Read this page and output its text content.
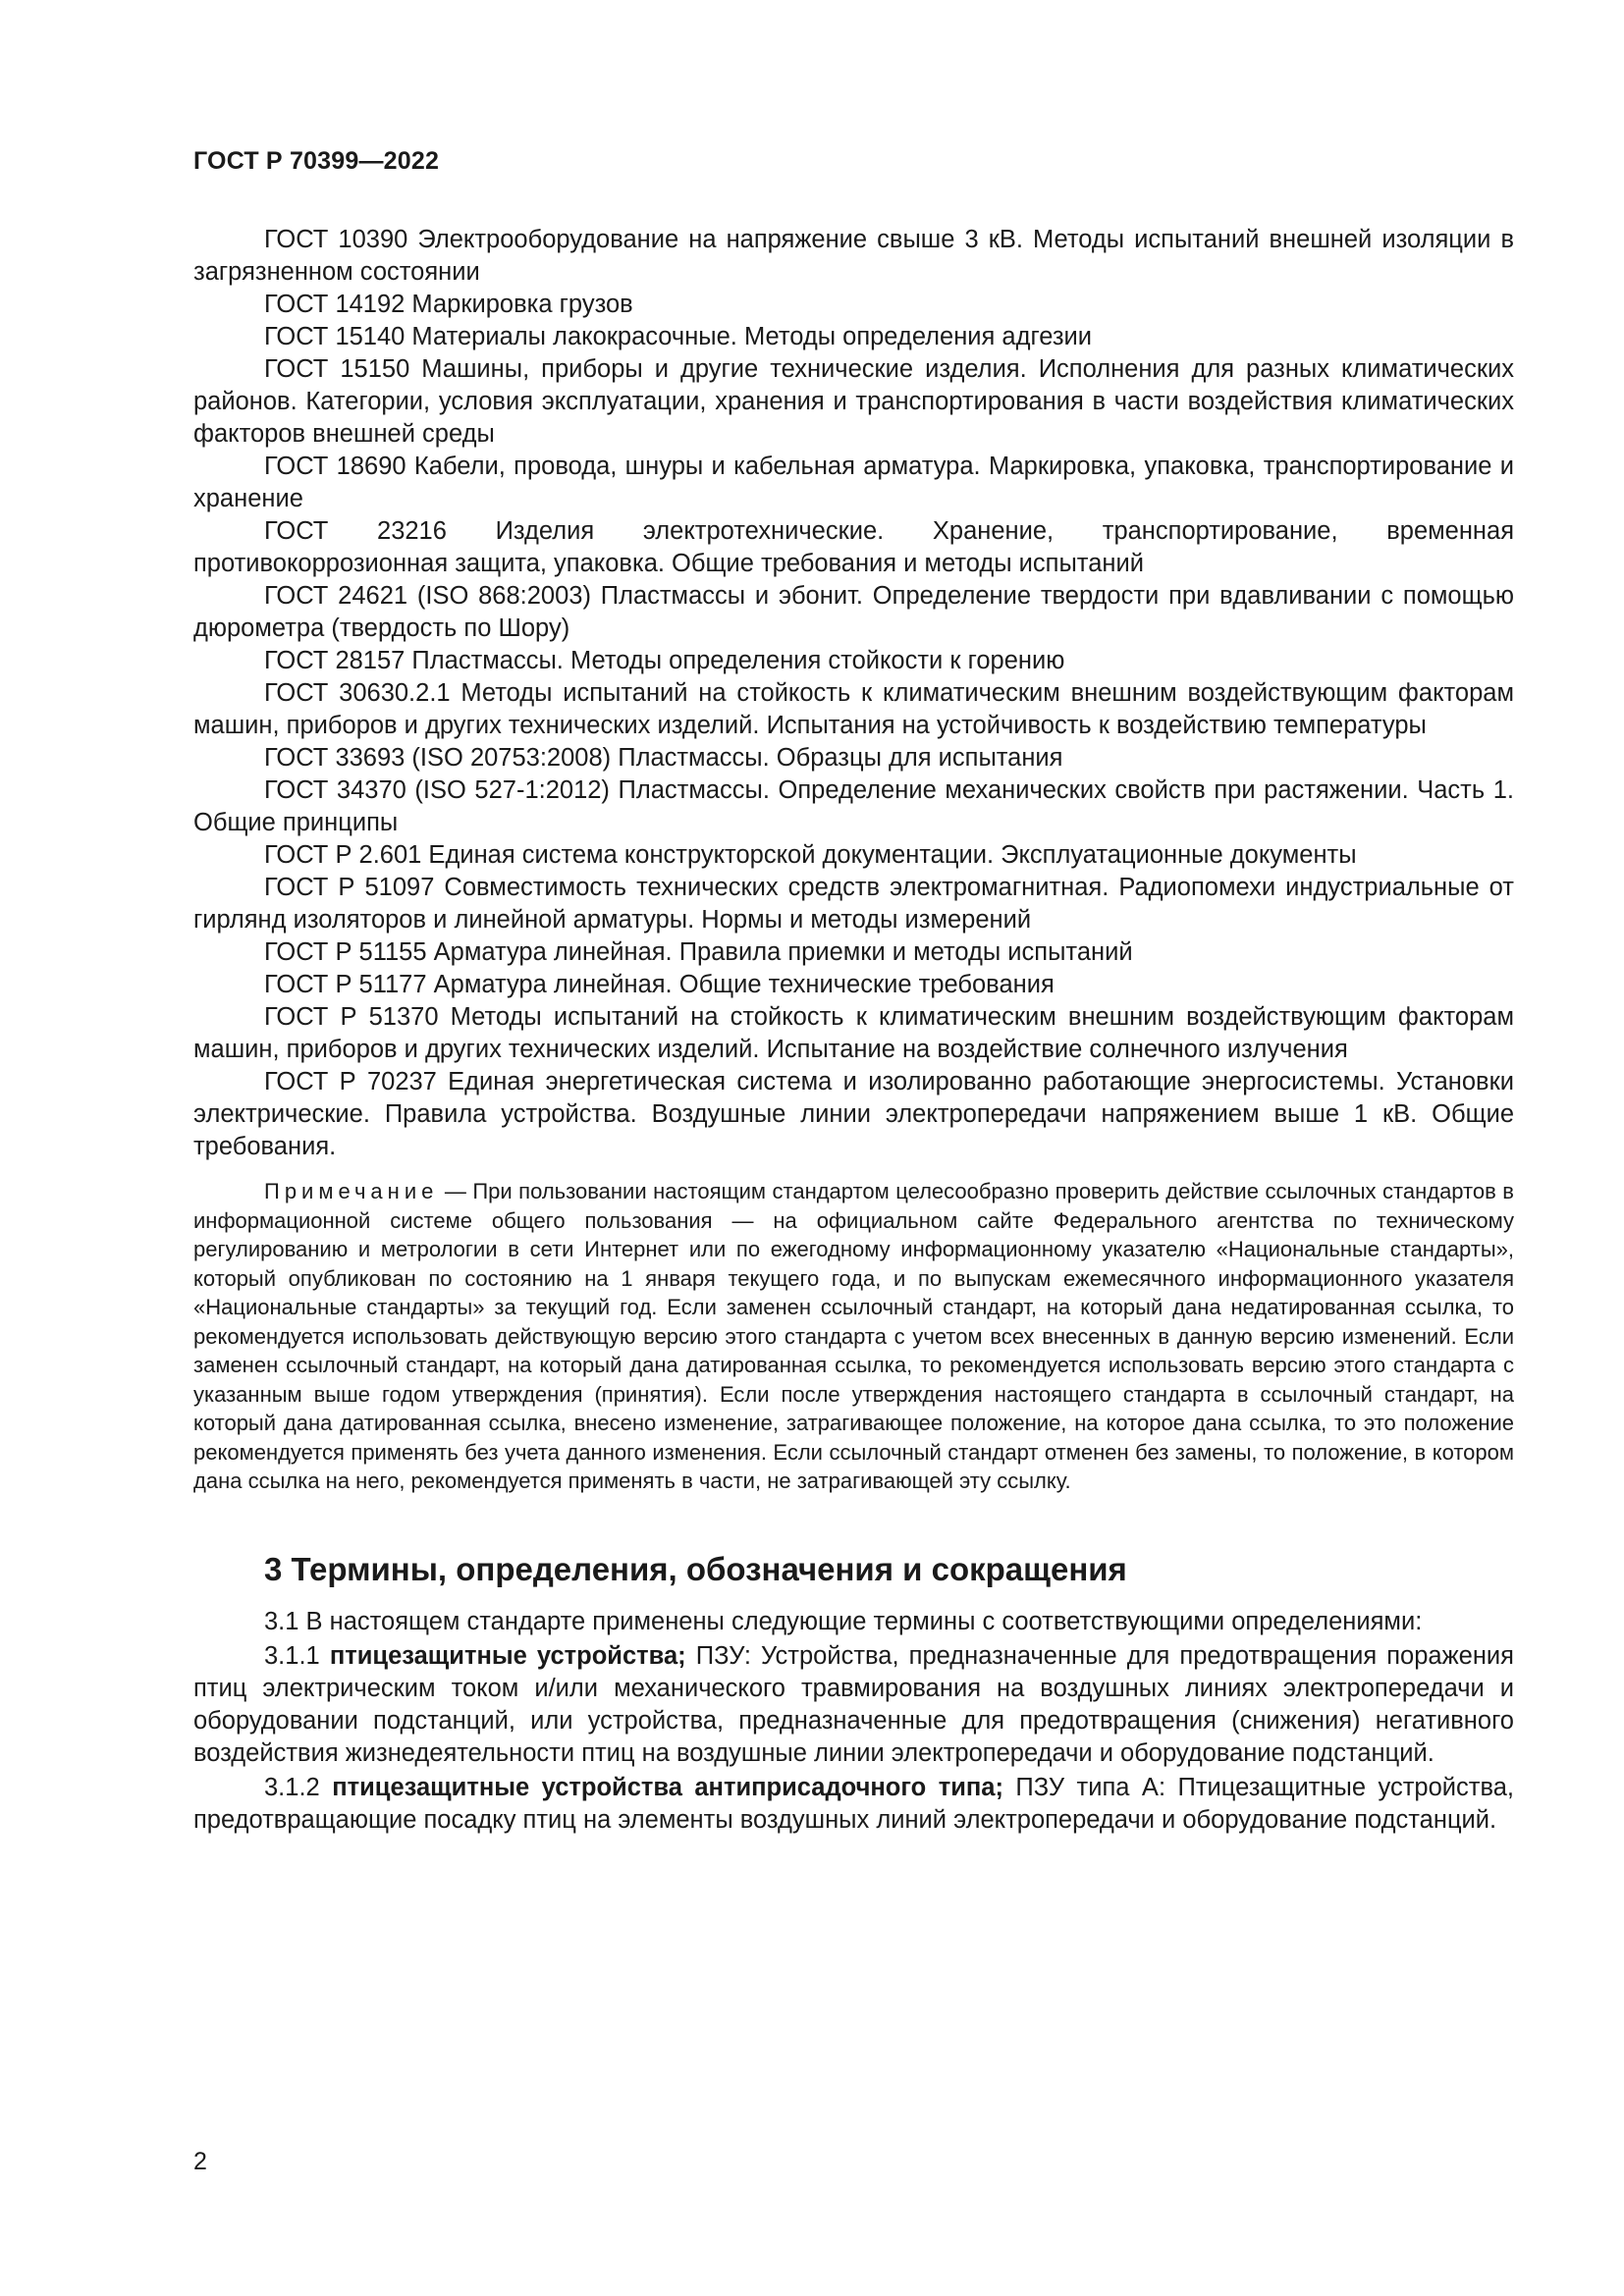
ГОСТ Р 70399—2022

ГОСТ 10390 Электрооборудование на напряжение свыше 3 кВ. Методы испытаний внешней изоляции в загрязненном состоянии

ГОСТ 14192 Маркировка грузов

ГОСТ 15140 Материалы лакокрасочные. Методы определения адгезии

ГОСТ 15150 Машины, приборы и другие технические изделия. Исполнения для разных климатических районов. Категории, условия эксплуатации, хранения и транспортирования в части воздействия климатических факторов внешней среды

ГОСТ 18690 Кабели, провода, шнуры и кабельная арматура. Маркировка, упаковка, транспортирование и хранение

ГОСТ 23216 Изделия электротехнические. Хранение, транспортирование, временная противокоррозионная защита, упаковка. Общие требования и методы испытаний

ГОСТ 24621 (ISO 868:2003) Пластмассы и эбонит. Определение твердости при вдавливании с помощью дюрометра (твердость по Шору)

ГОСТ 28157 Пластмассы. Методы определения стойкости к горению

ГОСТ 30630.2.1 Методы испытаний на стойкость к климатическим внешним воздействующим факторам машин, приборов и других технических изделий. Испытания на устойчивость к воздействию температуры

ГОСТ 33693 (ISO 20753:2008) Пластмассы. Образцы для испытания

ГОСТ 34370 (ISO 527-1:2012) Пластмассы. Определение механических свойств при растяжении. Часть 1. Общие принципы

ГОСТ Р 2.601 Единая система конструкторской документации. Эксплуатационные документы

ГОСТ Р 51097 Совместимость технических средств электромагнитная. Радиопомехи индустриальные от гирлянд изоляторов и линейной арматуры. Нормы и методы измерений

ГОСТ Р 51155 Арматура линейная. Правила приемки и методы испытаний

ГОСТ Р 51177 Арматура линейная. Общие технические требования

ГОСТ Р 51370 Методы испытаний на стойкость к климатическим внешним воздействующим факторам машин, приборов и других технических изделий. Испытание на воздействие солнечного излучения

ГОСТ Р 70237 Единая энергетическая система и изолированно работающие энергосистемы. Установки электрические. Правила устройства. Воздушные линии электропередачи напряжением выше 1 кВ. Общие требования.

Примечание — При пользовании настоящим стандартом целесообразно проверить действие ссылочных стандартов в информационной системе общего пользования — на официальном сайте Федерального агентства по техническому регулированию и метрологии в сети Интернет или по ежегодному информационному указателю «Национальные стандарты», который опубликован по состоянию на 1 января текущего года, и по выпускам ежемесячного информационного указателя «Национальные стандарты» за текущий год. Если заменен ссылочный стандарт, на который дана недатированная ссылка, то рекомендуется использовать действующую версию этого стандарта с учетом всех внесенных в данную версию изменений. Если заменен ссылочный стандарт, на который дана датированная ссылка, то рекомендуется использовать версию этого стандарта с указанным выше годом утверждения (принятия). Если после утверждения настоящего стандарта в ссылочный стандарт, на который дана датированная ссылка, внесено изменение, затрагивающее положение, на которое дана ссылка, то это положение рекомендуется применять без учета данного изменения. Если ссылочный стандарт отменен без замены, то положение, в котором дана ссылка на него, рекомендуется применять в части, не затрагивающей эту ссылку.

3 Термины, определения, обозначения и сокращения

3.1 В настоящем стандарте применены следующие термины с соответствующими определениями:

3.1.1 птицезащитные устройства; ПЗУ: Устройства, предназначенные для предотвращения поражения птиц электрическим током и/или механического травмирования на воздушных линиях электропередачи и оборудовании подстанций, или устройства, предназначенные для предотвращения (снижения) негативного воздействия жизнедеятельности птиц на воздушные линии электропередачи и оборудование подстанций.

3.1.2 птицезащитные устройства антиприсадочного типа; ПЗУ типа А: Птицезащитные устройства, предотвращающие посадку птиц на элементы воздушных линий электропередачи и оборудование подстанций.

2
